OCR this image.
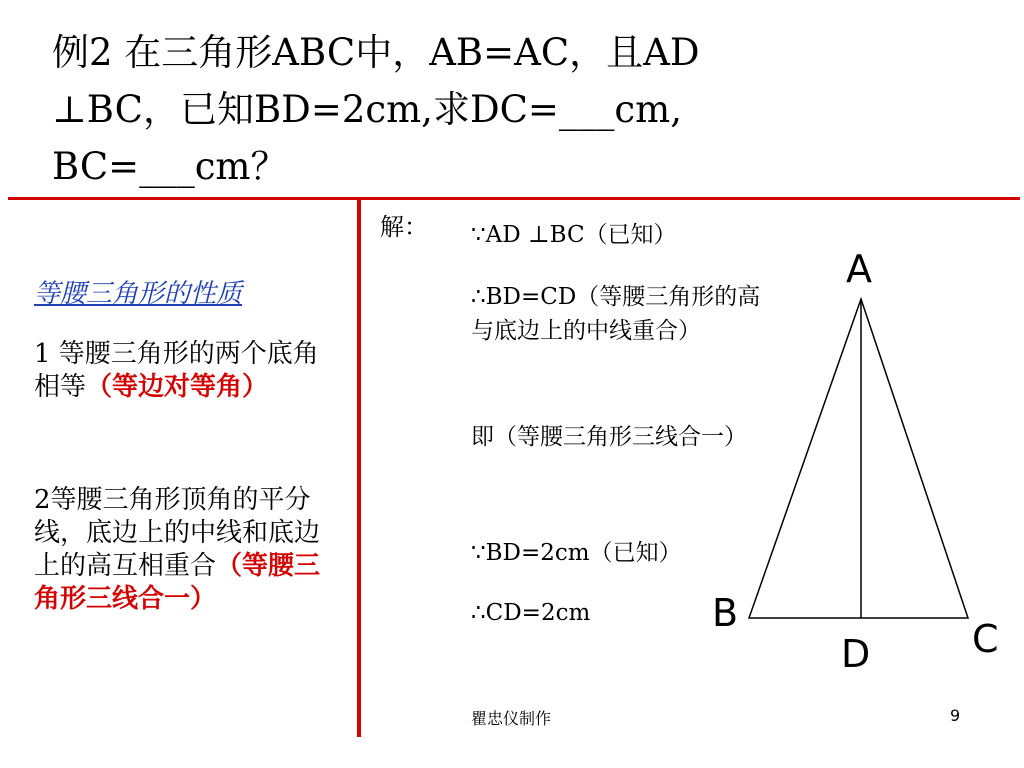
例2 在三角形ABC中，AB=AC，且AD
⊥BC，已知BD=2cm,求DC=___cm,
BC=___cm？
等腰三角形的性质
1 等腰三角形的两个底角相等（等边对等角）
2等腰三角形顶角的平分线，底边上的中线和底边上的高互相重合（等腰三角形三线合一）
解： ∵AD ⊥BC（已知）
∴BD=CD（等腰三角形的高与底边上的中线重合）
即（等腰三角形三线合一）
∵BD=2cm（已知）
∴CD=2cm
A
B
C
D
瞿忠仪制作	9
